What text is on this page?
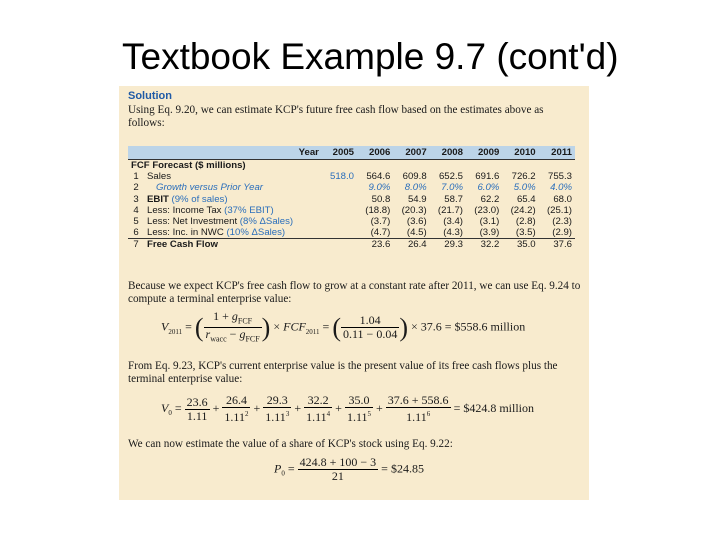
Textbook Example 9.7 (cont'd)
Solution
Using Eq. 9.20, we can estimate KCP's future free cash flow based on the estimates above as follows:
	Year	2005	2006	2007	2008	2009	2010	2011
FCF Forecast ($ millions)								
1	Sales	518.0	564.6	609.8	652.5	691.6	726.2	755.3
2	Growth versus Prior Year		9.0%	8.0%	7.0%	6.0%	5.0%	4.0%
3	EBIT (9% of sales)		50.8	54.9	58.7	62.2	65.4	68.0
4	Less: Income Tax (37% EBIT)		(18.8)	(20.3)	(21.7)	(23.0)	(24.2)	(25.1)
5	Less: Net Investment (8% ΔSales)		(3.7)	(3.6)	(3.4)	(3.1)	(2.8)	(2.3)
6	Less: Inc. in NWC (10% ΔSales)		(4.7)	(4.5)	(4.3)	(3.9)	(3.5)	(2.9)
7	Free Cash Flow		23.6	26.4	29.3	32.2	35.0	37.6
Because we expect KCP's free cash flow to grow at a constant rate after 2011, we can use Eq. 9.24 to compute a terminal enterprise value:
$V_{2011}$ = ( $\frac{1 + g_{FCF}}{r_{wacc} - g_{FCF}}$ ) × $FCF_{2011}$ = ( $\frac{1.04}{0.11 - 0.04}$ ) × 37.6 = $558.6 million
From Eq. 9.23, KCP's current enterprise value is the present value of its free cash flows plus the terminal enterprise value:
$V_0 = \frac{23.6}{1.11} + \frac{26.4}{1.11^2} + \frac{29.3}{1.11^3} + \frac{32.2}{1.11^4} + \frac{35.0}{1.11^5} + \frac{37.6 + 558.6}{1.11^6}$ = $424.8 million
We can now estimate the value of a share of KCP's stock using Eq. 9.22:
$P_0 = \frac{424.8 + 100 - 3}{21}$ = $24.85
